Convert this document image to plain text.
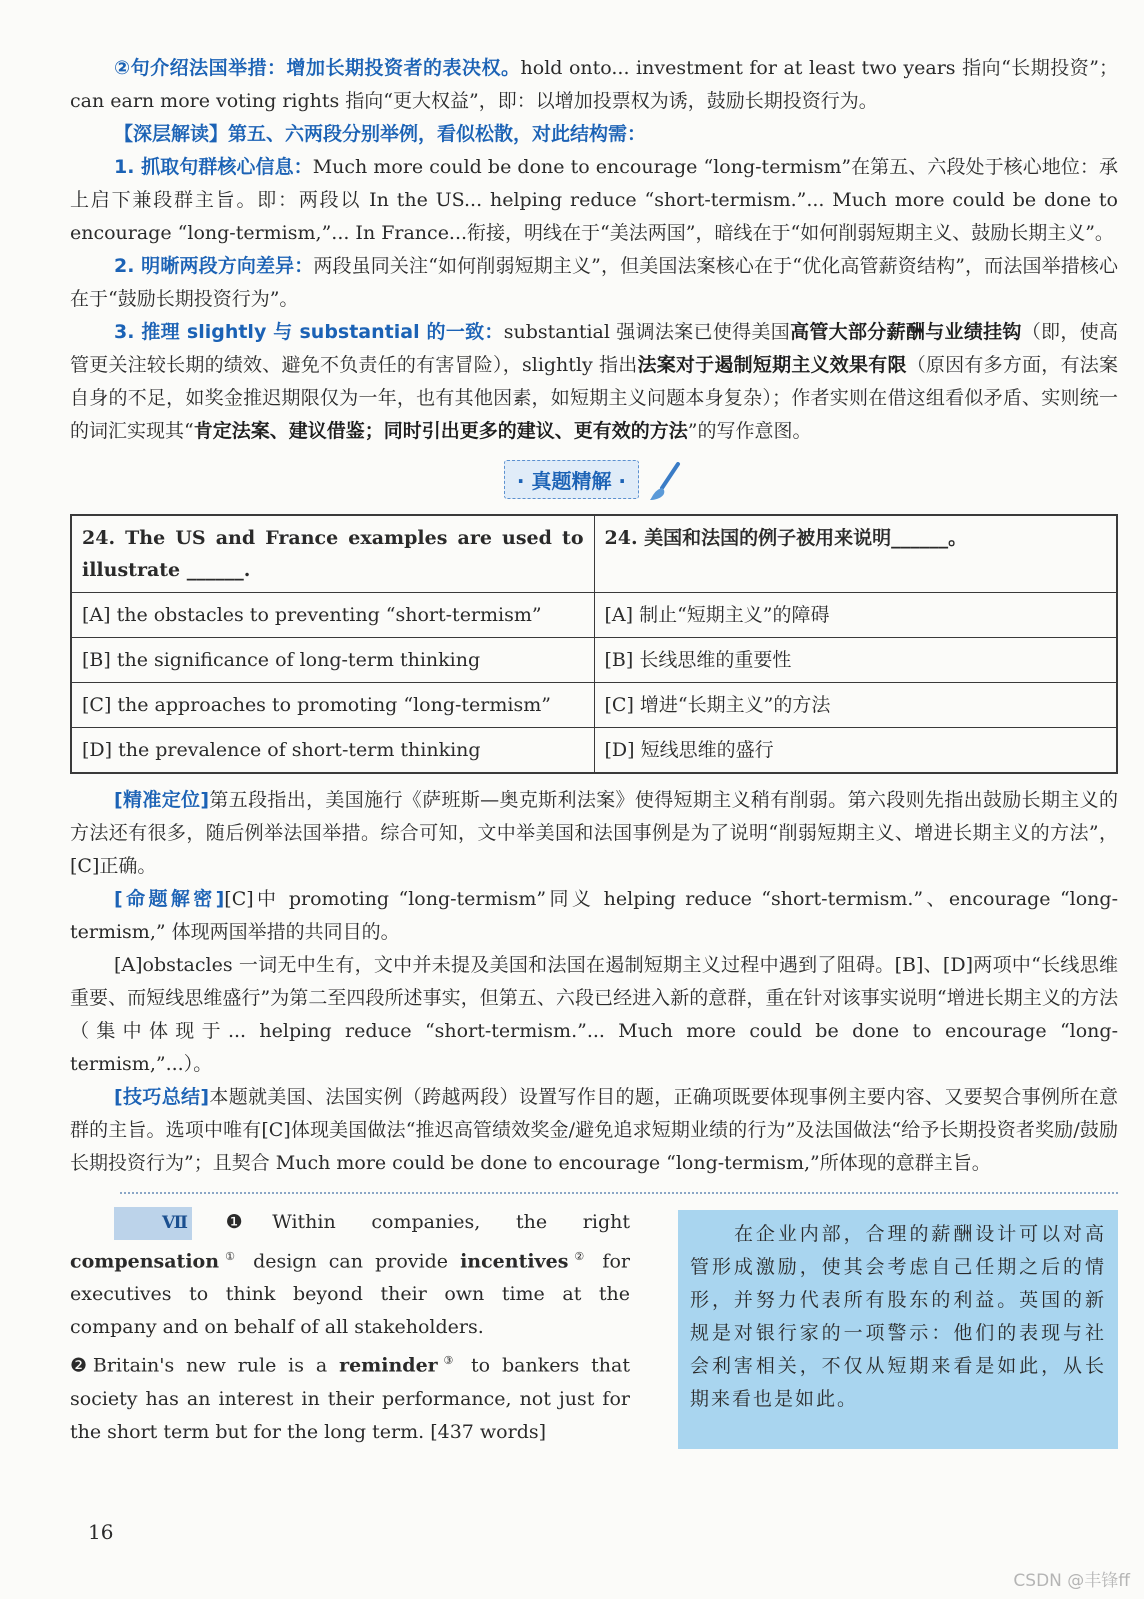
②句介绍法国举措：增加长期投资者的表决权。hold onto... investment for at least two years 指向“长期投资”；can earn more voting rights 指向“更大权益”，即：以增加投票权为诱，鼓励长期投资行为。

【深层解读】第五、六两段分别举例，看似松散，对此结构需：

1. 抓取句群核心信息：Much more could be done to encourage “long-termism”在第五、六段处于核心地位：承上启下兼段群主旨。即：两段以 In the US... helping reduce “short-termism.”... Much more could be done to encourage “long-termism,”... In France...衔接，明线在于“美法两国”，暗线在于“如何削弱短期主义、鼓励长期主义”。

2. 明晰两段方向差异：两段虽同关注“如何削弱短期主义”，但美国法案核心在于“优化高管薪资结构”，而法国举措核心在于“鼓励长期投资行为”。

3. 推理 slightly 与 substantial 的一致：substantial 强调法案已使得美国高管大部分薪酬与业绩挂钩（即，使高管更关注较长期的绩效、避免不负责任的有害冒险），slightly 指出法案对于遏制短期主义效果有限（原因有多方面，有法案自身的不足，如奖金推迟期限仅为一年，也有其他因素，如短期主义问题本身复杂）；作者实则在借这组看似矛盾、实则统一的词汇实现其“肯定法案、建议借鉴；同时引出更多的建议、更有效的方法”的写作意图。

· 真题精解 ·
24. The US and France examples are used to illustrate ______.	24. 美国和法国的例子被用来说明______。
[A] the obstacles to preventing “short-termism”	[A] 制止“短期主义”的障碍
[B] the significance of long-term thinking	[B] 长线思维的重要性
[C] the approaches to promoting “long-termism”	[C] 增进“长期主义”的方法
[D] the prevalence of short-term thinking	[D] 短线思维的盛行

[精准定位]第五段指出，美国施行《萨班斯—奥克斯利法案》使得短期主义稍有削弱。第六段则先指出鼓励长期主义的方法还有很多，随后例举法国举措。综合可知，文中举美国和法国事例是为了说明“削弱短期主义、增进长期主义的方法”，[C]正确。

[命题解密][C]中 promoting “long-termism”同义 helping reduce “short-termism.”、encourage “long-termism,” 体现两国举措的共同目的。

[A]obstacles 一词无中生有，文中并未提及美国和法国在遏制短期主义过程中遇到了阻碍。[B]、[D]两项中“长线思维重要、而短线思维盛行”为第二至四段所述事实，但第五、六段已经进入新的意群，重在针对该事实说明“增进长期主义的方法（集中体现于... helping reduce “short-termism.”... Much more could be done to encourage “long-termism,”...）。

[技巧总结]本题就美国、法国实例（跨越两段）设置写作目的题，正确项既要体现事例主要内容、又要契合事例所在意群的主旨。选项中唯有[C]体现美国做法“推迟高管绩效奖金/避免追求短期业绩的行为”及法国做法“给予长期投资者奖励/鼓励长期投资行为”；且契合 Much more could be done to encourage “long-termism,”所体现的意群主旨。

Ⅶ ❶Within companies, the right compensation① design can provide incentives② for executives to think beyond their own time at the company and on behalf of all stakeholders.
❷Britain's new rule is a reminder③ to bankers that society has an interest in their performance, not just for the short term but for the long term. [437 words]

在企业内部，合理的薪酬设计可以对高管形成激励，使其会考虑自己任期之后的情形，并努力代表所有股东的利益。英国的新规是对银行家的一项警示：他们的表现与社会利害相关，不仅从短期来看是如此，从长期来看也是如此。

16
CSDN @丰锋ff
